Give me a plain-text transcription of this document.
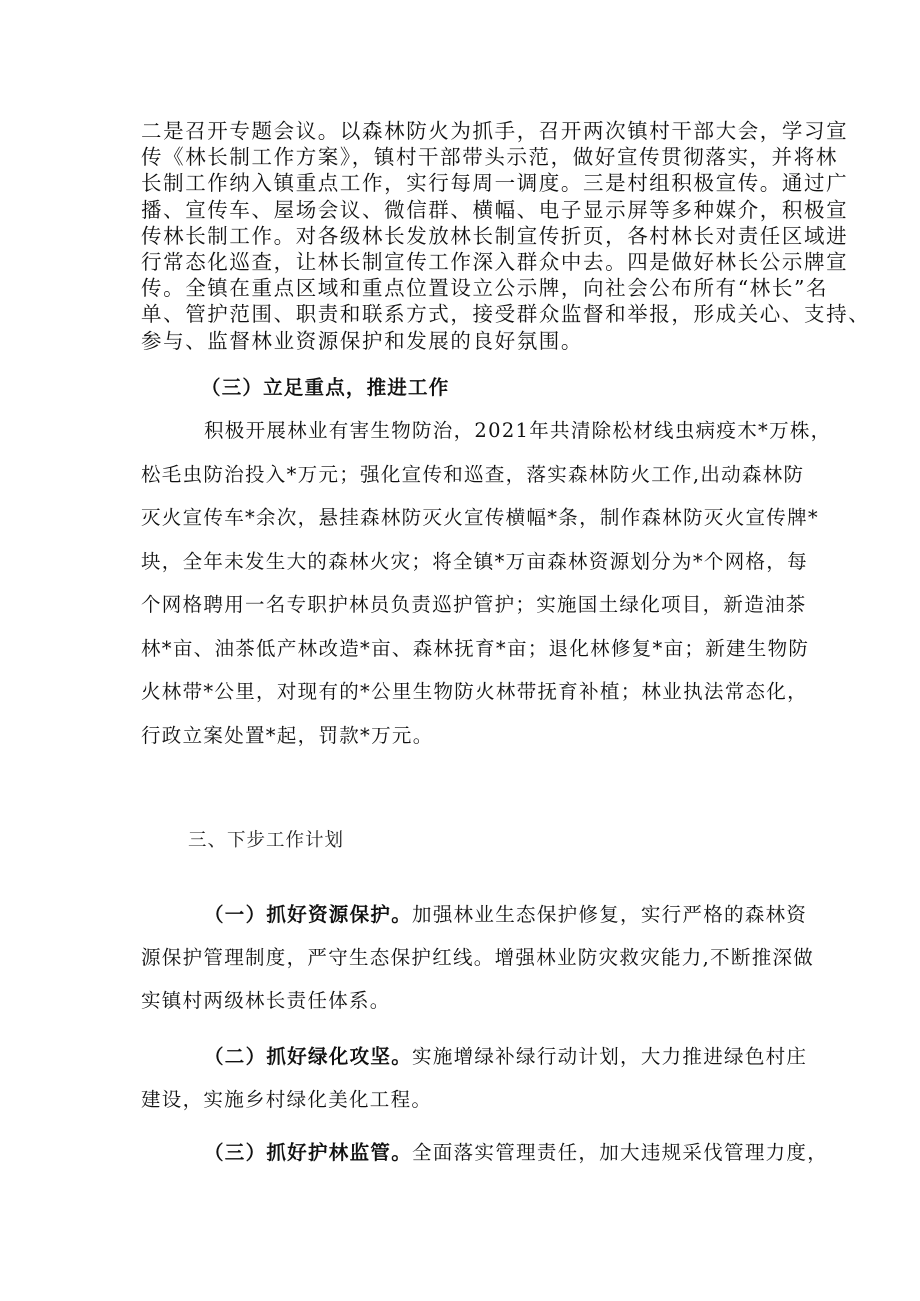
二是召开专题会议。以森林防火为抓手，召开两次镇村干部大会，学习宣
传《林长制工作方案》，镇村干部带头示范，做好宣传贯彻落实，并将林
长制工作纳入镇重点工作，实行每周一调度。三是村组积极宣传。通过广
播、宣传车、屋场会议、微信群、横幅、电子显示屏等多种媒介，积极宣
传林长制工作。对各级林长发放林长制宣传折页，各村林长对责任区域进
行常态化巡查，让林长制宣传工作深入群众中去。四是做好林长公示牌宣
传。全镇在重点区域和重点位置设立公示牌，向社会公布所有“林长”名
单、管护范围、职责和联系方式，接受群众监督和举报，形成关心、支持、
参与、监督林业资源保护和发展的良好氛围。

（三）立足重点，推进工作

积极开展林业有害生物防治，2021年共清除松材线虫病疫木*万株，
松毛虫防治投入*万元；强化宣传和巡查，落实森林防火工作,出动森林防
灭火宣传车*余次，悬挂森林防灭火宣传横幅*条，制作森林防灭火宣传牌*
块，全年未发生大的森林火灾；将全镇*万亩森林资源划分为*个网格，每
个网格聘用一名专职护林员负责巡护管护；实施国土绿化项目，新造油茶
林*亩、油茶低产林改造*亩、森林抚育*亩；退化林修复*亩；新建生物防
火林带*公里，对现有的*公里生物防火林带抚育补植；林业执法常态化，
行政立案处置*起，罚款*万元。

三、下步工作计划

（一）抓好资源保护。加强林业生态保护修复，实行严格的森林资
源保护管理制度，严守生态保护红线。增强林业防灾救灾能力,不断推深做
实镇村两级林长责任体系。
（二）抓好绿化攻坚。实施增绿补绿行动计划，大力推进绿色村庄
建设，实施乡村绿化美化工程。
（三）抓好护林监管。全面落实管理责任，加大违规采伐管理力度，
